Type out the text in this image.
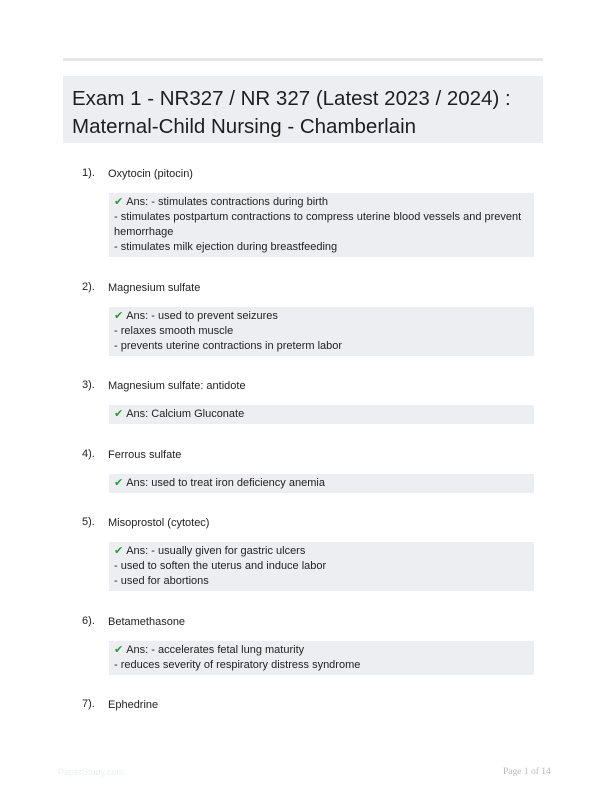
Exam 1 - NR327 / NR 327 (Latest 2023 / 2024) :
Maternal-Child Nursing - Chamberlain
1). Oxytocin (pitocin)
✔ Ans: - stimulates contractions during birth
- stimulates postpartum contractions to compress uterine blood vessels and prevent
hemorrhage
- stimulates milk ejection during breastfeeding
2). Magnesium sulfate
✔ Ans: - used to prevent seizures
- relaxes smooth muscle
- prevents uterine contractions in preterm labor
3). Magnesium sulfate: antidote
✔ Ans: Calcium Gluconate
4). Ferrous sulfate
✔ Ans: used to treat iron deficiency anemia
5). Misoprostol (cytotec)
✔ Ans: - usually given for gastric ulcers
- used to soften the uterus and induce labor
- used for abortions
6). Betamethasone
✔ Ans: - accelerates fetal lung maturity
- reduces severity of respiratory distress syndrome
7). Ephedrine
PaperStudy.com	Page 1 of 14
